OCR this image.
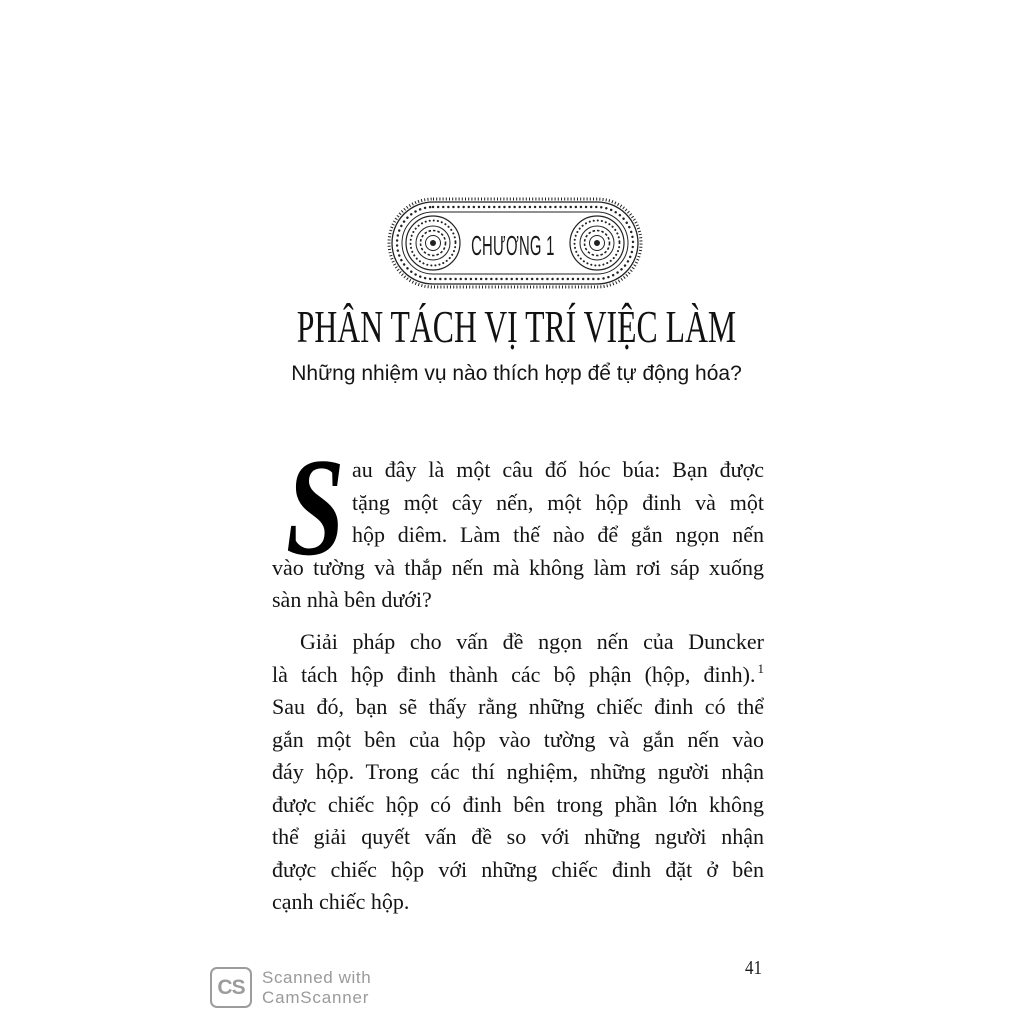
CHƯƠNG 1
PHÂN TÁCH VỊ TRÍ VIỆC LÀM
Những nhiệm vụ nào thích hợp để tự động hóa?
S au đây là một câu đố hóc búa: Bạn được
tặng một cây nến, một hộp đinh và một
hộp diêm. Làm thế nào để gắn ngọn nến
vào tường và thắp nến mà không làm rơi sáp xuống
sàn nhà bên dưới?
Giải pháp cho vấn đề ngọn nến của Duncker
là tách hộp đinh thành các bộ phận (hộp, đinh). $^1$
Sau đó, bạn sẽ thấy rằng những chiếc đinh có thể
gắn một bên của hộp vào tường và gắn nến vào
đáy hộp. Trong các thí nghiệm, những người nhận
được chiếc hộp có đinh bên trong phần lớn không
thể giải quyết vấn đề so với những người nhận
được chiếc hộp với những chiếc đinh đặt ở bên
cạnh chiếc hộp.
41
CS	Scanned with
CamScanner
